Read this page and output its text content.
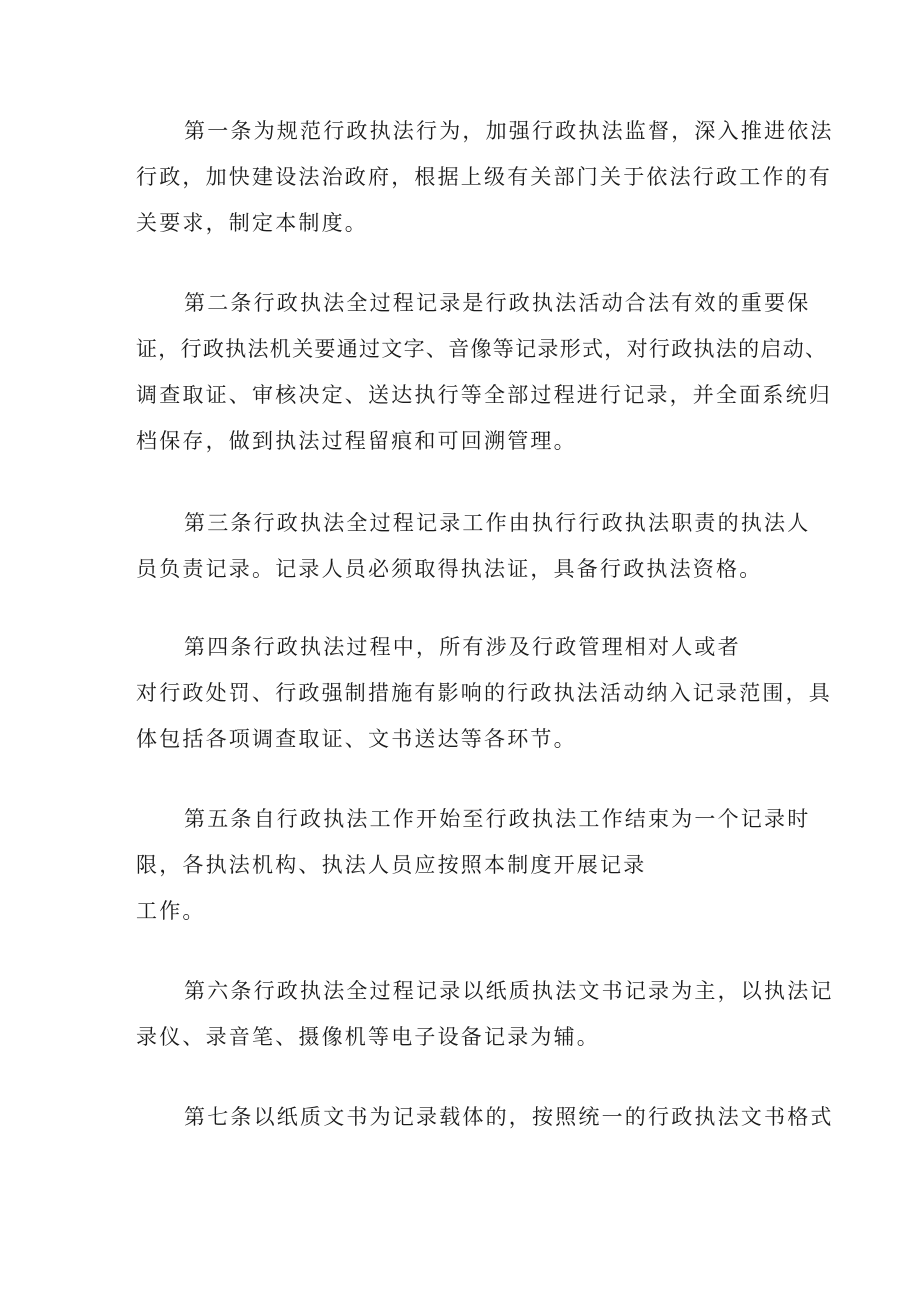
第一条为规范行政执法行为，加强行政执法监督，深入推进依法
行政，加快建设法治政府，根据上级有关部门关于依法行政工作的有
关要求，制定本制度。
第二条行政执法全过程记录是行政执法活动合法有效的重要保
证，行政执法机关要通过文字、音像等记录形式，对行政执法的启动、
调查取证、审核决定、送达执行等全部过程进行记录，并全面系统归
档保存，做到执法过程留痕和可回溯管理。
第三条行政执法全过程记录工作由执行行政执法职责的执法人
员负责记录。记录人员必须取得执法证，具备行政执法资格。
第四条行政执法过程中，所有涉及行政管理相对人或者
对行政处罚、行政强制措施有影响的行政执法活动纳入记录范围，具
体包括各项调查取证、文书送达等各环节。
第五条自行政执法工作开始至行政执法工作结束为一个记录时
限，各执法机构、执法人员应按照本制度开展记录
工作。
第六条行政执法全过程记录以纸质执法文书记录为主，以执法记
录仪、录音笔、摄像机等电子设备记录为辅。
第七条以纸质文书为记录载体的，按照统一的行政执法文书格式
